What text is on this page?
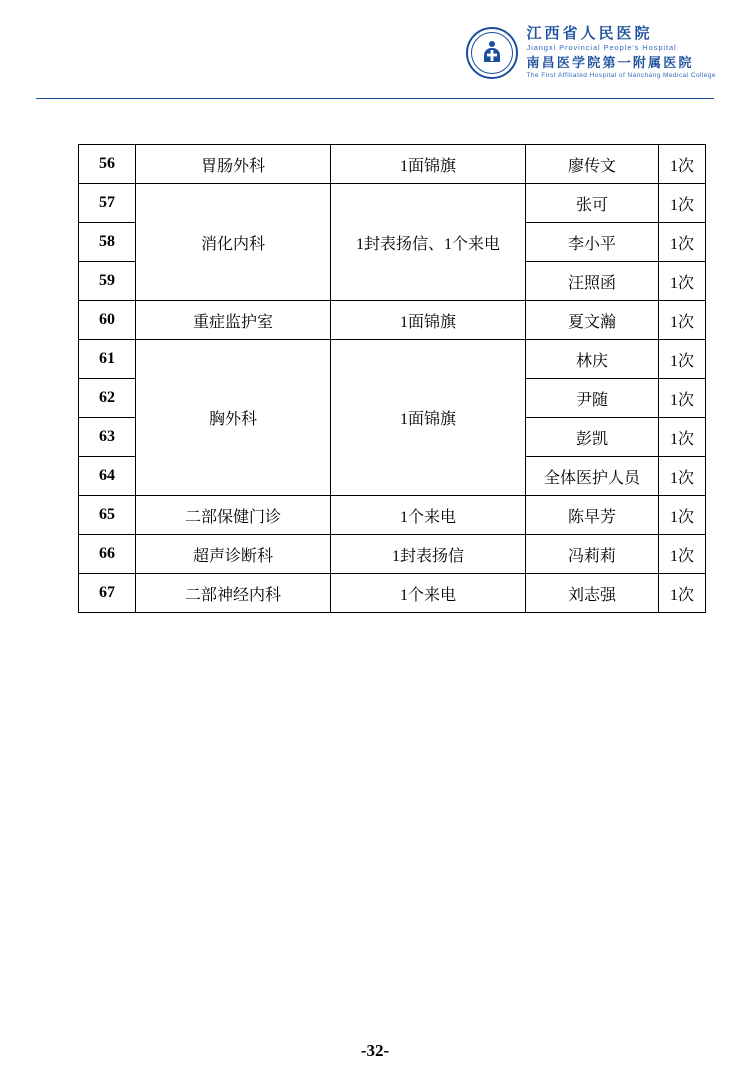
江西省人民医院
Jiangxi Provincial People's Hospital
南昌医学院第一附属医院
The First Affiliated Hospital of Nanchang Medical College
56	胃肠外科	1面锦旗	廖传文	1次
57	消化内科	1封表扬信、1个来电	张可	1次
58			李小平	1次
59			汪照函	1次
60	重症监护室	1面锦旗	夏文瀚	1次
61	胸外科	1面锦旗	林庆	1次
62			尹随	1次
63			彭凯	1次
64			全体医护人员	1次
65	二部保健门诊	1个来电	陈早芳	1次
66	超声诊断科	1封表扬信	冯莉莉	1次
67	二部神经内科	1个来电	刘志强	1次
-32-
